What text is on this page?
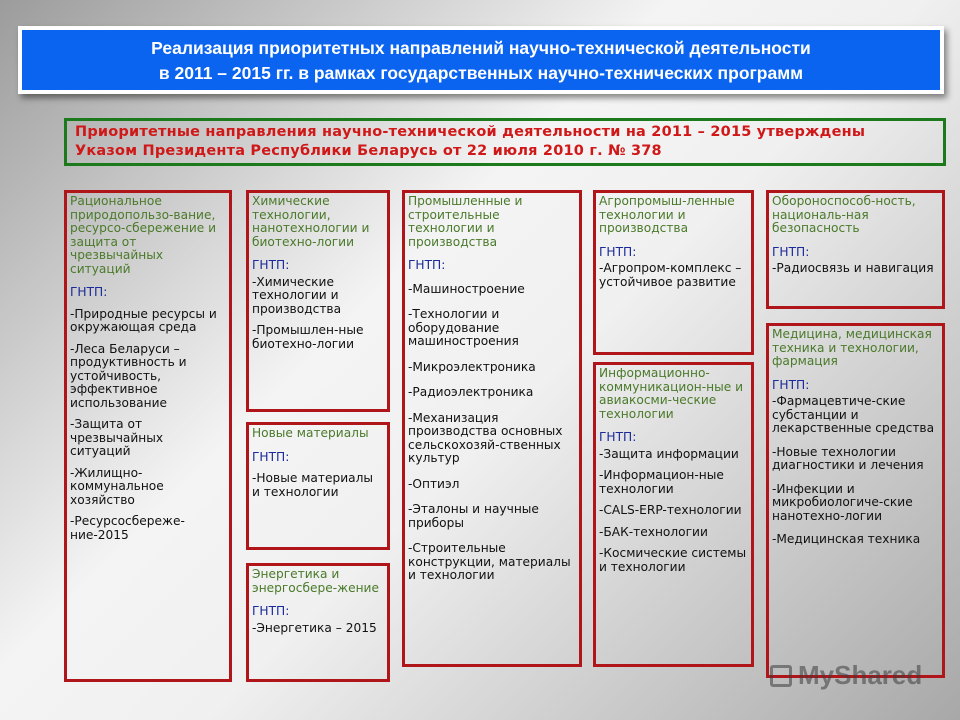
Реализация приоритетных направлений научно-технической деятельности
в 2011 – 2015 гг. в рамках государственных научно-технических программ
Приоритетные направления научно-технической деятельности на 2011 – 2015 утверждены
Указом Президента Республики Беларусь от 22 июля 2010 г. № 378
Рациональное природопользо-вание, ресурсо-сбережение и защита от чрезвычайных ситуаций
ГНТП:
-Природные ресурсы и окружающая среда
-Леса Беларуси – продуктивность и устойчивость, эффективное использование
-Защита от чрезвычайных ситуаций
-Жилищно-коммунальное хозяйство
-Ресурсосбереже-ние-2015
Химические технологии, нанотехнологии и биотехно-логии
ГНТП:
-Химические технологии и производства
-Промышлен-ные биотехно-логии
Новые материалы
ГНТП:
-Новые материалы и технологии
Энергетика и энергосбере-жение
ГНТП:
-Энергетика – 2015
Промышленные и строительные технологии и производства
ГНТП:
-Машиностроение
-Технологии и оборудование машиностроения
-Микроэлектроника
-Радиоэлектроника
-Механизация производства основных сельскохозяй-ственных культур
-Оптиэл
-Эталоны и научные приборы
-Строительные конструкции, материалы и технологии
Агропромыш-ленные технологии и производства
ГНТП:
-Агропром-комплекс – устойчивое развитие
Информационно-коммуникацион-ные и авиакосми-ческие технологии
ГНТП:
-Защита информации
-Информацион-ные технологии
-CALS-ERP-технологии
-БАК-технологии
-Космические системы и технологии
Обороноспособ-ность, националь-ная безопасность
ГНТП:
-Радиосвязь и навигация
Медицина, медицинская техника и технологии, фармация
ГНТП:
-Фармацевтиче-ские субстанции и лекарственные средства
-Новые технологии диагностики и лечения
-Инфекции и микробиологиче-ские нанотехно-логии
-Медицинская техника
MyShared
